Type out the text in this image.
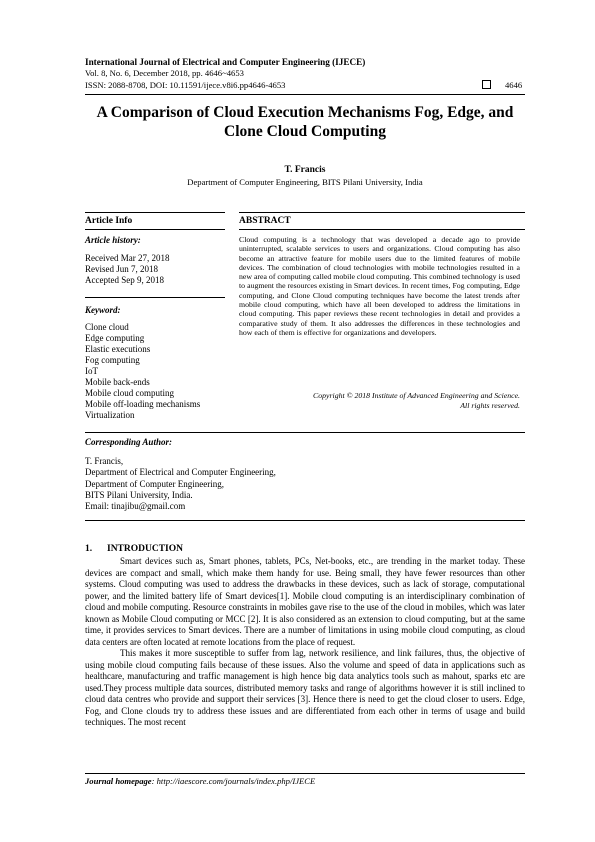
International Journal of Electrical and Computer Engineering (IJECE)
Vol. 8, No. 6, December 2018, pp. 4646~4653
ISSN: 2088-8708, DOI: 10.11591/ijece.v8i6.pp4646-4653	4646
A Comparison of Cloud Execution Mechanisms Fog, Edge, and
Clone Cloud Computing
T. Francis
Department of Computer Engineering, BITS Pilani University, India
Article Info	ABSTRACT
Article history:
Received Mar 27, 2018
Revised Jun 7, 2018
Accepted Sep 9, 2018
Keyword:
Clone cloud
Edge computing
Elastic executions
Fog computing
IoT
Mobile back-ends
Mobile cloud computing
Mobile off-loading mechanisms
Virtualization
Cloud computing is a technology that was developed a decade ago to provide uninterrupted, scalable services to users and organizations. Cloud computing has also become an attractive feature for mobile users due to the limited features of mobile devices. The combination of cloud technologies with mobile technologies resulted in a new area of computing called mobile cloud computing. This combined technology is used to augment the resources existing in Smart devices. In recent times, Fog computing, Edge computing, and Clone Cloud computing techniques have become the latest trends after mobile cloud computing, which have all been developed to address the limitations in cloud computing. This paper reviews these recent technologies in detail and provides a comparative study of them. It also addresses the differences in these technologies and how each of them is effective for organizations and developers.
Copyright © 2018 Institute of Advanced Engineering and Science.
All rights reserved.
Corresponding Author:
T. Francis,
Department of Electrical and Computer Engineering,
Department of Computer Engineering,
BITS Pilani University, India.
Email: tinajibu@gmail.com
1. INTRODUCTION

Smart devices such as, Smart phones, tablets, PCs, Net-books, etc., are trending in the market today. These devices are compact and small, which make them handy for use. Being small, they have fewer resources than other systems. Cloud computing was used to address the drawbacks in these devices, such as lack of storage, computational power, and the limited battery life of Smart devices[1]. Mobile cloud computing is an interdisciplinary combination of cloud and mobile computing. Resource constraints in mobiles gave rise to the use of the cloud in mobiles, which was later known as Mobile Cloud computing or MCC [2]. It is also considered as an extension to cloud computing, but at the same time, it provides services to Smart devices. There are a number of limitations in using mobile cloud computing, as cloud data centers are often located at remote locations from the place of request.

This makes it more susceptible to suffer from lag, network resilience, and link failures, thus, the objective of using mobile cloud computing fails because of these issues. Also the volume and speed of data in applications such as healthcare, manufacturing and traffic management is high hence big data analytics tools such as mahout, sparks etc are used.They process multiple data sources, distributed memory tasks and range of algorithms however it is still inclined to cloud data centres who provide and support their services [3]. Hence there is need to get the cloud closer to users. Edge, Fog, and Clone clouds try to address these issues and are differentiated from each other in terms of usage and build techniques. The most recent

Journal homepage: http://iaescore.com/journals/index.php/IJECE
